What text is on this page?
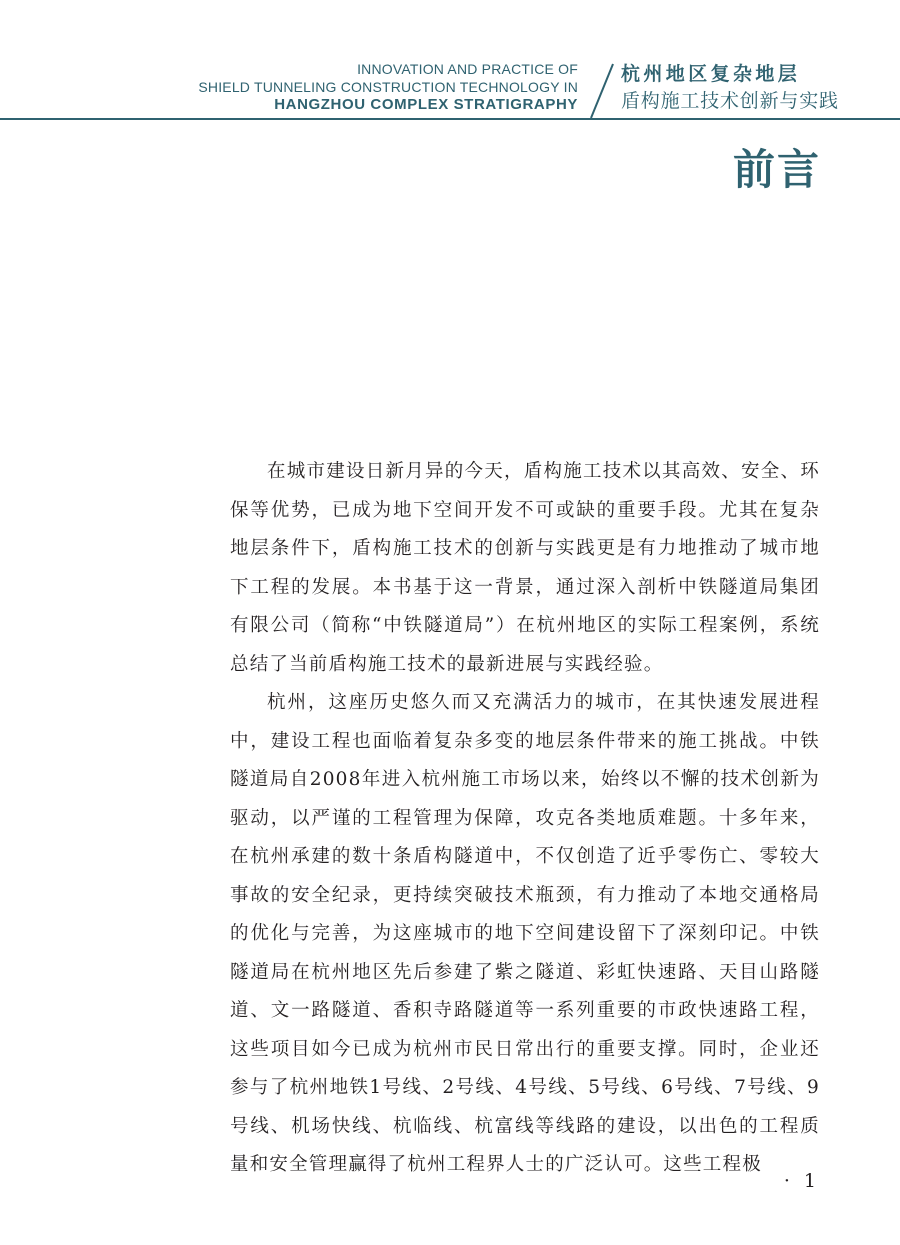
INNOVATION AND PRACTICE OF
SHIELD TUNNELING CONSTRUCTION TECHNOLOGY IN
HANGZHOU COMPLEX STRATIGRAPHY
杭州地区复杂地层
盾构施工技术创新与实践
前言

在城市建设日新月异的今天，盾构施工技术以其高效、安全、环保等优势，已成为地下空间开发不可或缺的重要手段。尤其在复杂地层条件下，盾构施工技术的创新与实践更是有力地推动了城市地下工程的发展。本书基于这一背景，通过深入剖析中铁隧道局集团有限公司（简称“中铁隧道局”）在杭州地区的实际工程案例，系统总结了当前盾构施工技术的最新进展与实践经验。

杭州，这座历史悠久而又充满活力的城市，在其快速发展进程中，建设工程也面临着复杂多变的地层条件带来的施工挑战。中铁隧道局自2008年进入杭州施工市场以来，始终以不懈的技术创新为驱动，以严谨的工程管理为保障，攻克各类地质难题。十多年来，在杭州承建的数十条盾构隧道中，不仅创造了近乎零伤亡、零较大事故的安全纪录，更持续突破技术瓶颈，有力推动了本地交通格局的优化与完善，为这座城市的地下空间建设留下了深刻印记。中铁隧道局在杭州地区先后参建了紫之隧道、彩虹快速路、天目山路隧道、文一路隧道、香积寺路隧道等一系列重要的市政快速路工程，这些项目如今已成为杭州市民日常出行的重要支撑。同时，企业还参与了杭州地铁1号线、2号线、4号线、5号线、6号线、7号线、9号线、机场快线、杭临线、杭富线等线路的建设，以出色的工程质量和安全管理赢得了杭州工程界人士的广泛认可。这些工程极

· 1
